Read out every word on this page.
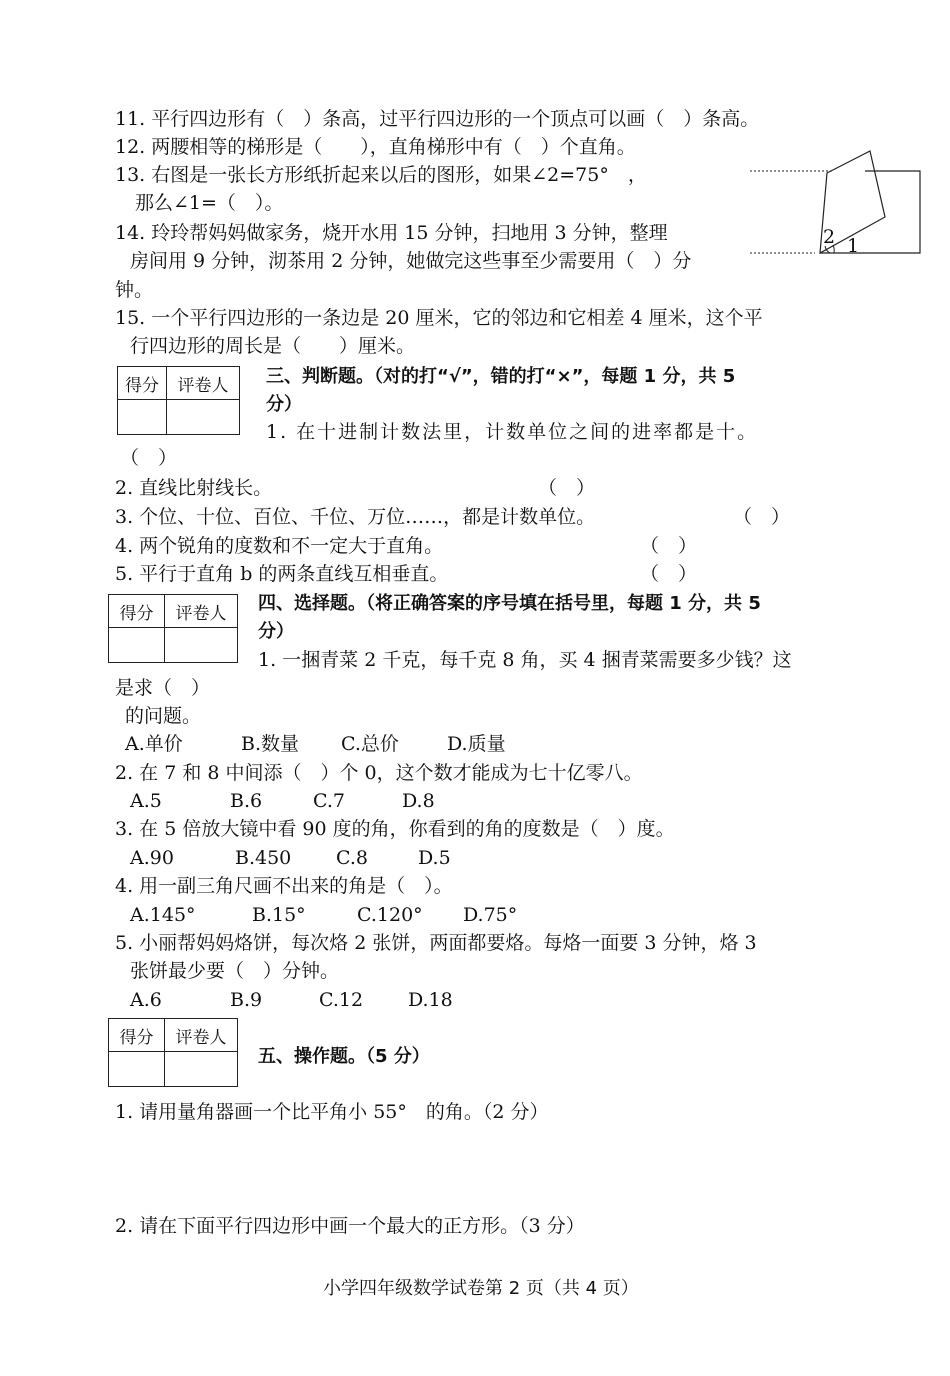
11. 平行四边形有（　）条高，过平行四边形的一个顶点可以画（　）条高。
12. 两腰相等的梯形是（　　），直角梯形中有（　）个直角。
13. 右图是一张长方形纸折起来以后的图形，如果∠2=75°　，
那么∠1=（　）。
14. 玲玲帮妈妈做家务，烧开水用 15 分钟，扫地用 3 分钟，整理
房间用 9 分钟，沏茶用 2 分钟，她做完这些事至少需要用（　）分
钟。
15. 一个平行四边形的一条边是 20 厘米，它的邻边和它相差 4 厘米，这个平
行四边形的周长是（　　）厘米。
2 1
得分	评卷人
	三、判断题。（对的打“√”，错的打“×”，每题 1 分，共 5
分）
1. 在十进制计数法里，计数单位之间的进率都是十。
（　）
2. 直线比射线长。	（　）
3. 个位、十位、百位、千位、万位……，都是计数单位。	（　）
4. 两个锐角的度数和不一定大于直角。	（　）
5. 平行于直角 b 的两条直线互相垂直。	（　）
得分	评卷人
	四、选择题。（将正确答案的序号填在括号里，每题 1 分，共 5
分）
1. 一捆青菜 2 千克，每千克 8 角，买 4 捆青菜需要多少钱？这
是求（　）
的问题。
A.单价	B.数量 C.总价	D.质量
2. 在 7 和 8 中间添（　）个 0，这个数才能成为七十亿零八。
A.5	B.6	C.7	D.8
3. 在 5 倍放大镜中看 90 度的角，你看到的角的度数是（　）度。
A.90	B.450 C.8	D.5
4. 用一副三角尺画不出来的角是（　）。
A.145°	B.15°	C.120° D.75°
5. 小丽帮妈妈烙饼，每次烙 2 张饼，两面都要烙。每烙一面要 3 分钟，烙 3
张饼最少要（　）分钟。
A.6	B.9	C.12 D.18
得分	评卷人

五、操作题。（5 分）
1. 请用量角器画一个比平角小 55°　的角。（2 分）
2. 请在下面平行四边形中画一个最大的正方形。（3 分）
小学四年级数学试卷第 2 页（共 4 页）
